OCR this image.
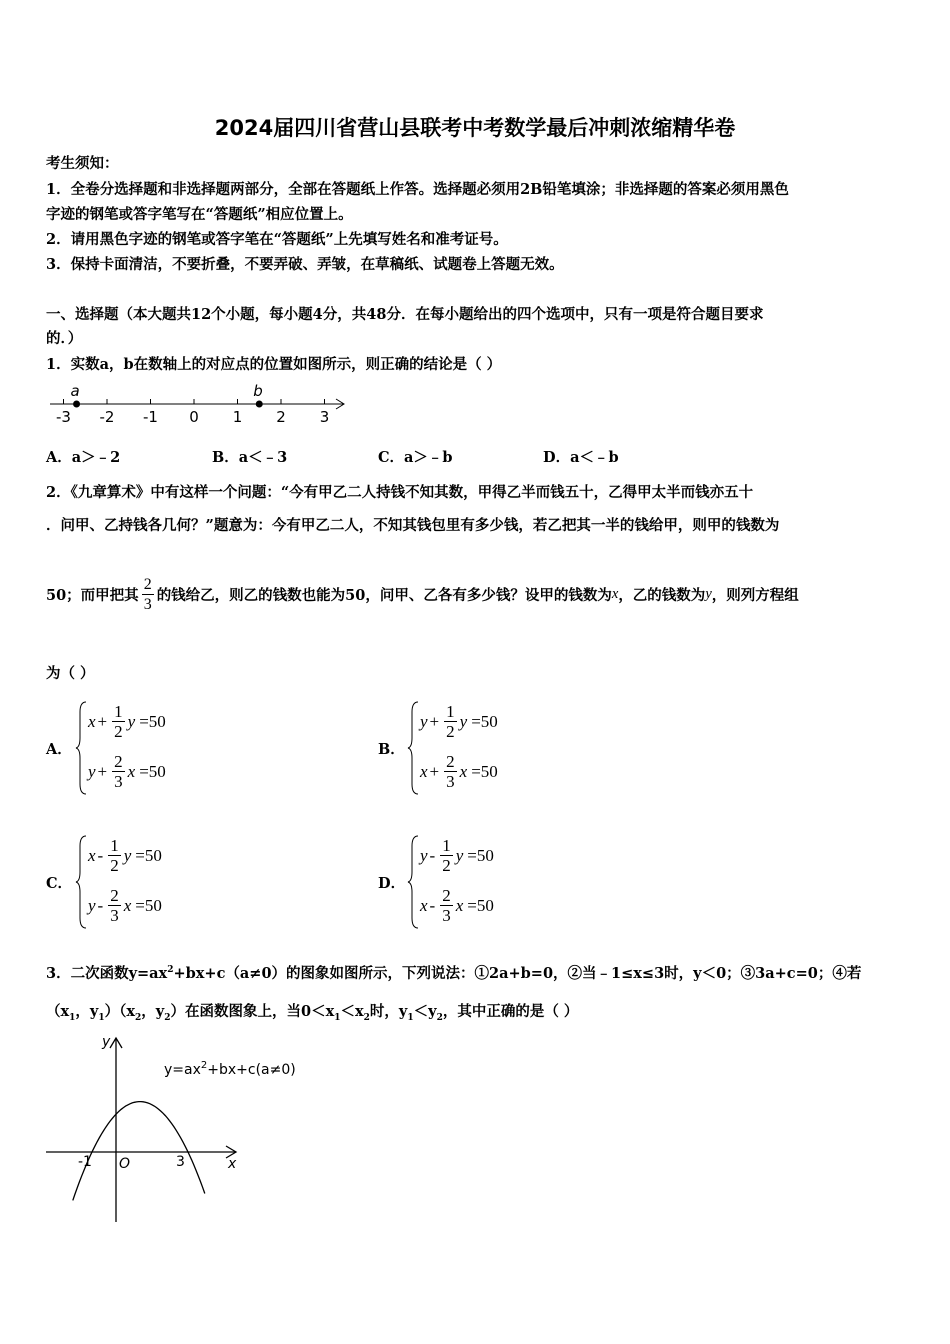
2024届四川省营山县联考中考数学最后冲刺浓缩精华卷
考生须知：
1．全卷分选择题和非选择题两部分，全部在答题纸上作答。选择题必须用2B铅笔填涂；非选择题的答案必须用黑色
字迹的钢笔或答字笔写在“答题纸”相应位置上。
2．请用黑色字迹的钢笔或答字笔在“答题纸”上先填写姓名和准考证号。
3．保持卡面清洁，不要折叠，不要弄破、弄皱，在草稿纸、试题卷上答题无效。
一、选择题（本大题共12个小题，每小题4分，共48分．在每小题给出的四个选项中，只有一项是符合题目要求
的．）
1．实数a，b在数轴上的对应点的位置如图所示，则正确的结论是（ ）
-3 -2 -1 0 1 2 3
a	b
A．a＞﹣2	B．a＜﹣3	C．a＞﹣b	D．a＜﹣b
2．《九章算术》中有这样一个问题：“今有甲乙二人持钱不知其数，甲得乙半而钱五十，乙得甲太半而钱亦五十
．问甲、乙持钱各几何？”题意为：今有甲乙二人，不知其钱包里有多少钱，若乙把其一半的钱给甲，则甲的钱数为
50；而甲把其 $\frac{2}{3}$ 的钱给乙，则乙的钱数也能为50，问甲、乙各有多少钱？设甲的钱数为 x ，乙的钱数为 y ，则列方程组
为（ ）
A．
$x + \frac{1}{2}$ y =50
$y + \frac{2}{3}$ x =50
B．
$y + \frac{1}{2}$ y =50
$x + \frac{2}{3}$ x =50
C．
x - $\frac{1}{2}$ y =50
y - $\frac{2}{3}$ x =50
D．
y - $\frac{1}{2}$ y =50
x - $\frac{2}{3}$ x =50
3．二次函数$y=ax^2+bx+c(a\ne 0)$的图象如图所示，下列说法：①2a+b=0，②当﹣1≤x≤3时，y＜0；③3a+c=0；④若
（$x_1$，$y_1)(x_2$，$y_2$）在函数图象上，当$0<x_1<x_2$时，$y_1<y_2$，其中正确的是（ ）
y
x
O
-1	3
$y=ax^2+bx+c(a\ne 0)$
